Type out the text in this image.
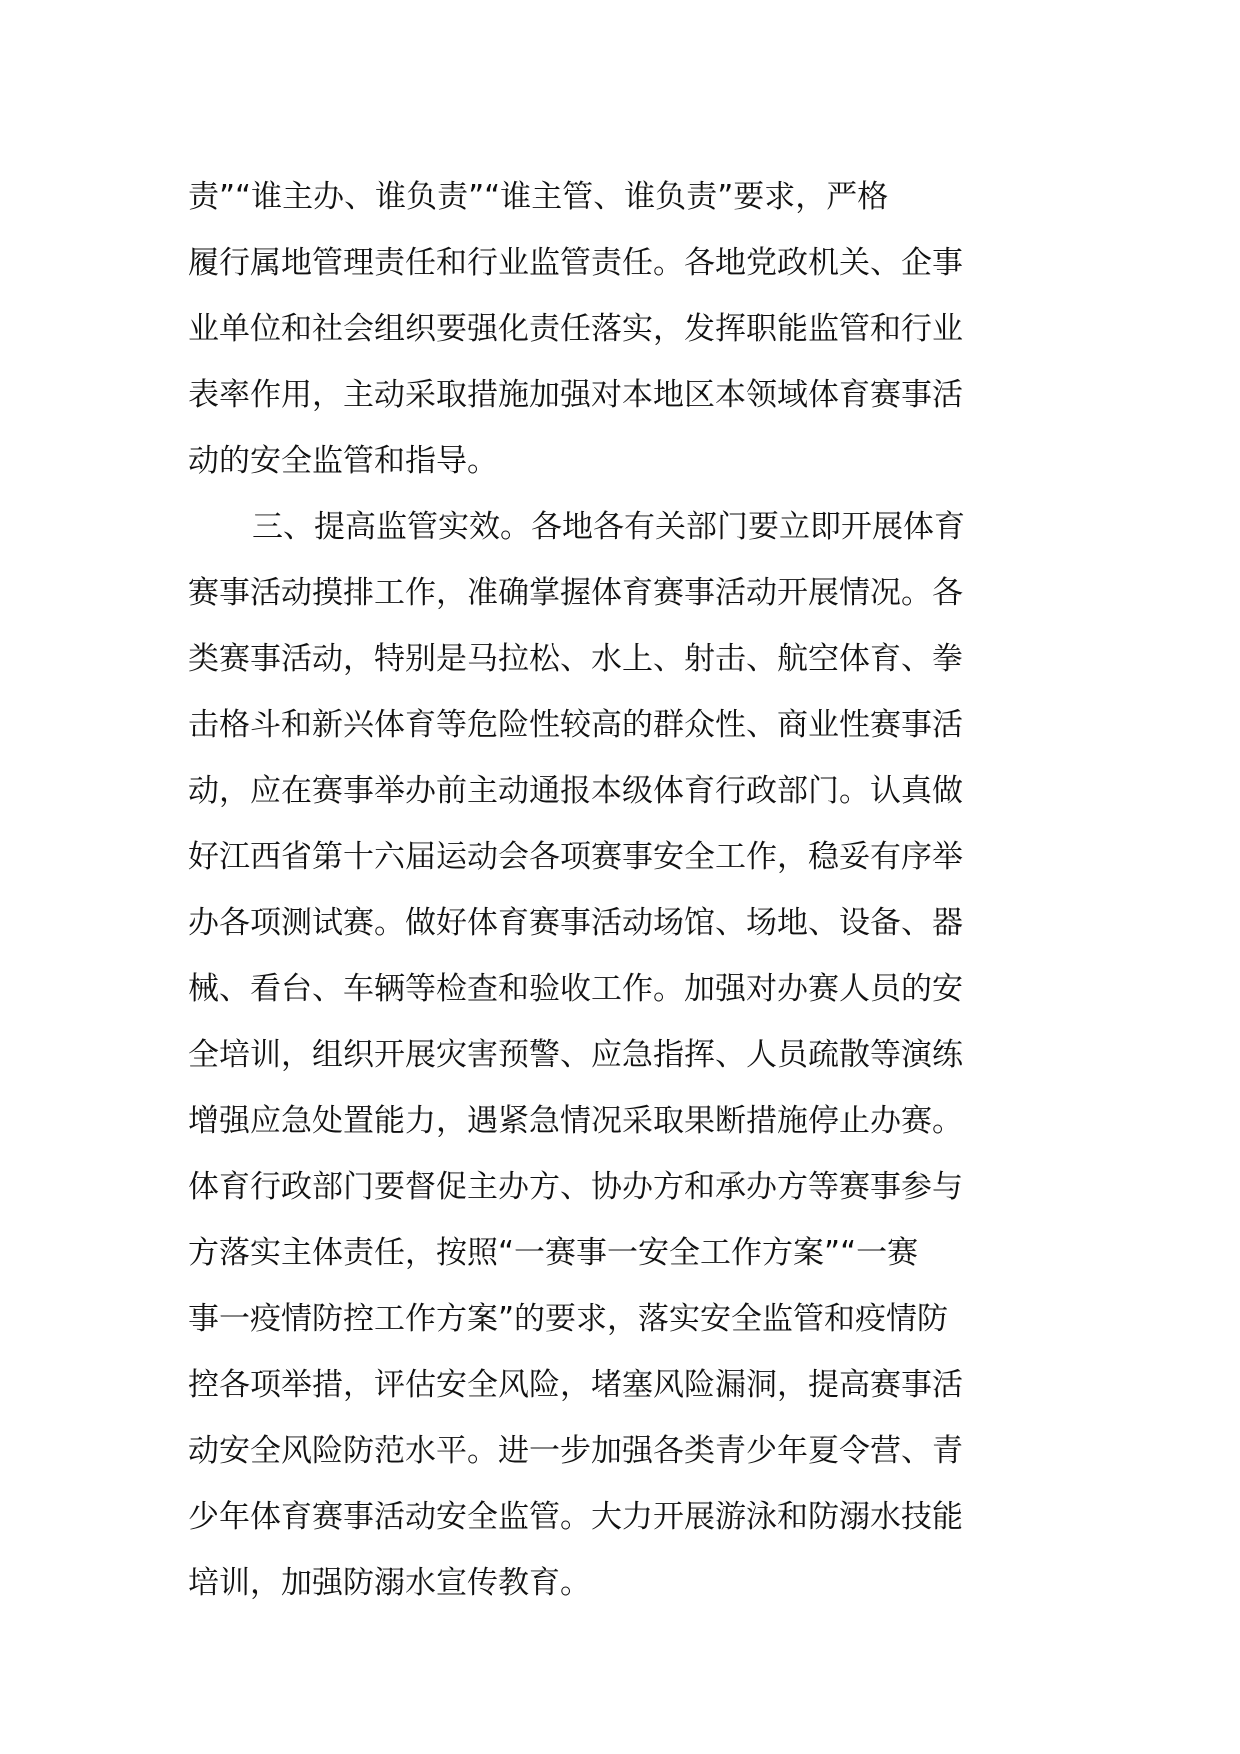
责”“谁主办、谁负责”“谁主管、谁负责”要求，严格
履行属地管理责任和行业监管责任。各地党政机关、企事
业单位和社会组织要强化责任落实，发挥职能监管和行业
表率作用，主动采取措施加强对本地区本领域体育赛事活
动的安全监管和指导。
三、提高监管实效。各地各有关部门要立即开展体育
赛事活动摸排工作，准确掌握体育赛事活动开展情况。各
类赛事活动，特别是马拉松、水上、射击、航空体育、拳
击格斗和新兴体育等危险性较高的群众性、商业性赛事活
动，应在赛事举办前主动通报本级体育行政部门。认真做
好江西省第十六届运动会各项赛事安全工作，稳妥有序举
办各项测试赛。做好体育赛事活动场馆、场地、设备、器
械、看台、车辆等检查和验收工作。加强对办赛人员的安
全培训，组织开展灾害预警、应急指挥、人员疏散等演练
增强应急处置能力，遇紧急情况采取果断措施停止办赛。
体育行政部门要督促主办方、协办方和承办方等赛事参与
方落实主体责任，按照“一赛事一安全工作方案”“一赛
事一疫情防控工作方案”的要求，落实安全监管和疫情防
控各项举措，评估安全风险，堵塞风险漏洞，提高赛事活
动安全风险防范水平。进一步加强各类青少年夏令营、青
少年体育赛事活动安全监管。大力开展游泳和防溺水技能
培训，加强防溺水宣传教育。
